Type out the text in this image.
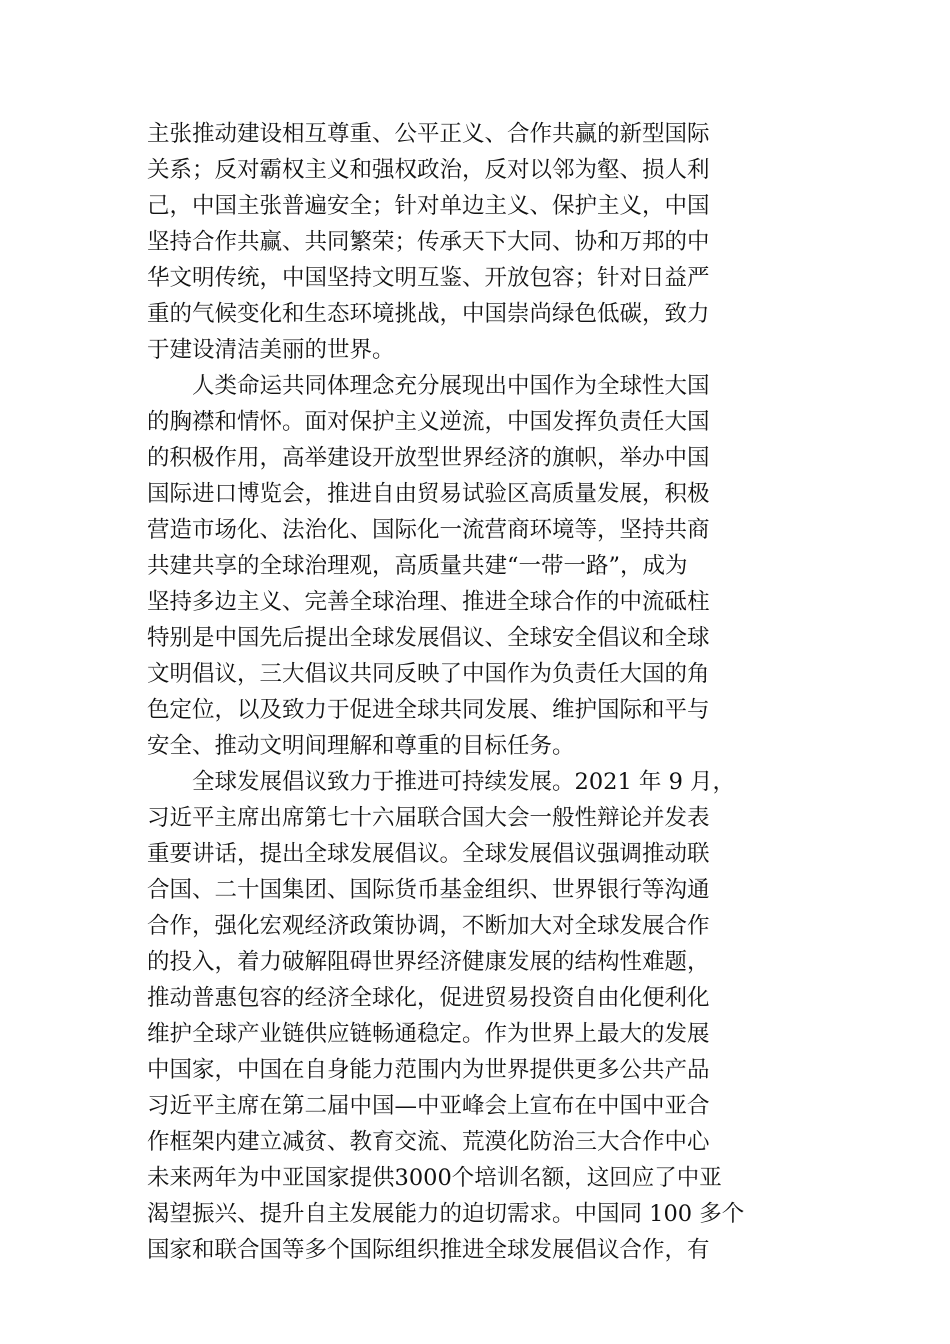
主张推动建设相互尊重、公平正义、合作共赢的新型国际
关系；反对霸权主义和强权政治，反对以邻为壑、损人利
己，中国主张普遍安全；针对单边主义、保护主义，中国
坚持合作共赢、共同繁荣；传承天下大同、协和万邦的中
华文明传统，中国坚持文明互鉴、开放包容；针对日益严
重的气候变化和生态环境挑战，中国崇尚绿色低碳，致力
于建设清洁美丽的世界。
　　人类命运共同体理念充分展现出中国作为全球性大国
的胸襟和情怀。面对保护主义逆流，中国发挥负责任大国
的积极作用，高举建设开放型世界经济的旗帜，举办中国
国际进口博览会，推进自由贸易试验区高质量发展，积极
营造市场化、法治化、国际化一流营商环境等，坚持共商
共建共享的全球治理观，高质量共建“一带一路”，成为
坚持多边主义、完善全球治理、推进全球合作的中流砥柱
特别是中国先后提出全球发展倡议、全球安全倡议和全球
文明倡议，三大倡议共同反映了中国作为负责任大国的角
色定位，以及致力于促进全球共同发展、维护国际和平与
安全、推动文明间理解和尊重的目标任务。
　　全球发展倡议致力于推进可持续发展。2021 年 9 月，
习近平主席出席第七十六届联合国大会一般性辩论并发表
重要讲话，提出全球发展倡议。全球发展倡议强调推动联
合国、二十国集团、国际货币基金组织、世界银行等沟通
合作，强化宏观经济政策协调，不断加大对全球发展合作
的投入，着力破解阻碍世界经济健康发展的结构性难题，
推动普惠包容的经济全球化，促进贸易投资自由化便利化
维护全球产业链供应链畅通稳定。作为世界上最大的发展
中国家，中国在自身能力范围内为世界提供更多公共产品
习近平主席在第二届中国—中亚峰会上宣布在中国中亚合
作框架内建立减贫、教育交流、荒漠化防治三大合作中心
未来两年为中亚国家提供3000个培训名额，这回应了中亚
渴望振兴、提升自主发展能力的迫切需求。中国同 100 多个
国家和联合国等多个国际组织推进全球发展倡议合作，有
